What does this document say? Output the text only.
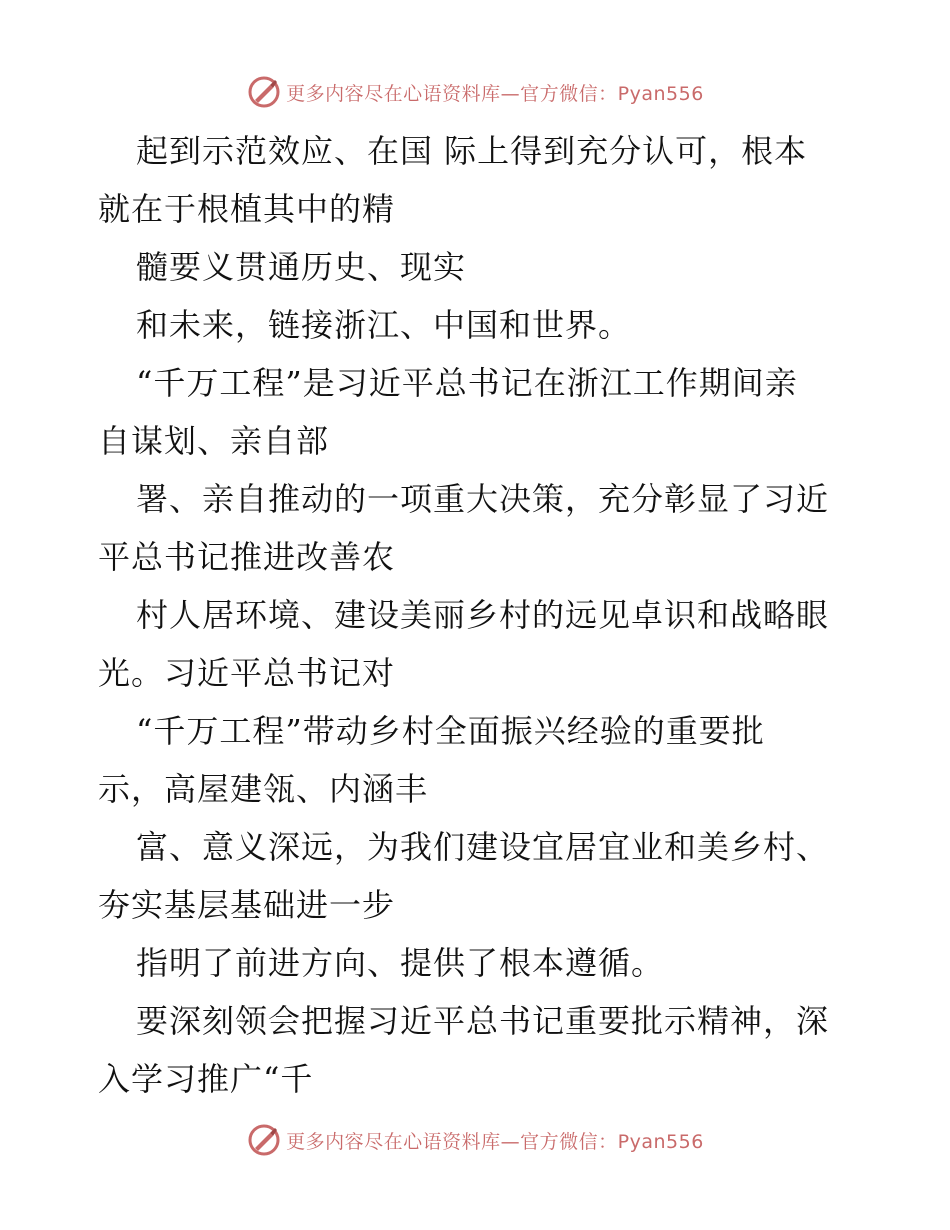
更多内容尽在心语资料库—官方微信：Pyan556
起到示范效应、在国 际上得到充分认可，根本
就在于根植其中的精
髓要义贯通历史、现实
和未来，链接浙江、中国和世界。
“千万工程”是习近平总书记在浙江工作期间亲
自谋划、亲自部
署、亲自推动的一项重大决策，充分彰显了习近
平总书记推进改善农
村人居环境、建设美丽乡村的远见卓识和战略眼
光。习近平总书记对
“千万工程”带动乡村全面振兴经验的重要批
示，高屋建瓴、内涵丰
富、意义深远，为我们建设宜居宜业和美乡村、
夯实基层基础进一步
指明了前进方向、提供了根本遵循。
要深刻领会把握习近平总书记重要批示精神，深
入学习推广“千
更多内容尽在心语资料库—官方微信：Pyan556
